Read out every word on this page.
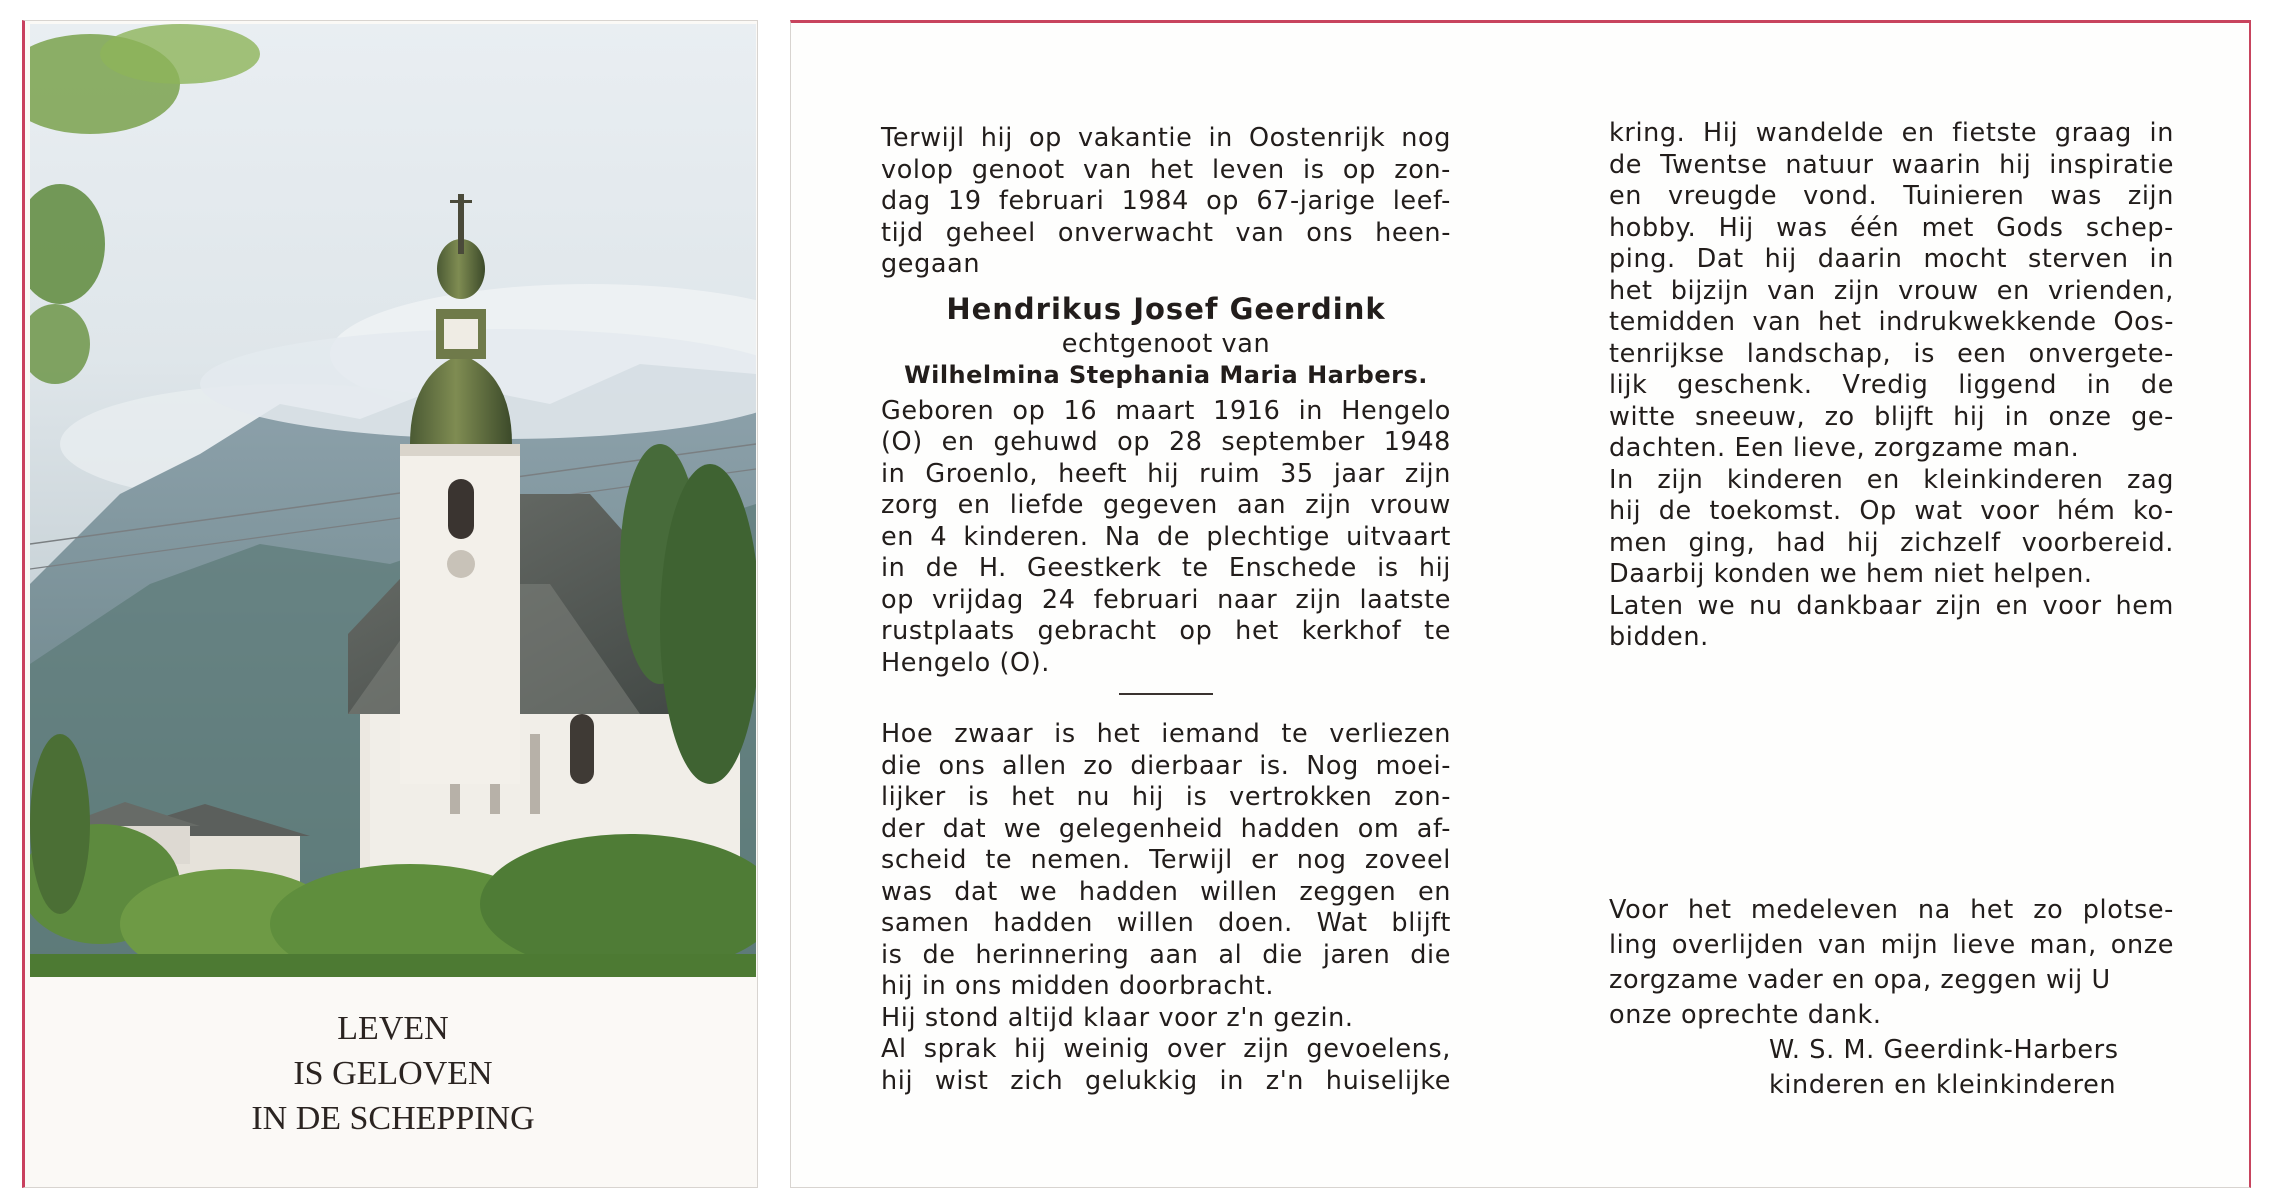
LEVEN
IS GELOVEN
IN DE SCHEPPING
Terwijl hij op vakantie in Oostenrijk nog
volop genoot van het leven is op zon-
dag 19 februari 1984 op 67-jarige leef-
tijd geheel onverwacht van ons heen-
gegaan
Hendrikus Josef Geerdink
echtgenoot van
Wilhelmina Stephania Maria Harbers.
Geboren op 16 maart 1916 in Hengelo
(O) en gehuwd op 28 september 1948
in Groenlo, heeft hij ruim 35 jaar zijn
zorg en liefde gegeven aan zijn vrouw
en 4 kinderen. Na de plechtige uitvaart
in de H. Geestkerk te Enschede is hij
op vrijdag 24 februari naar zijn laatste
rustplaats gebracht op het kerkhof te
Hengelo (O).
Hoe zwaar is het iemand te verliezen
die ons allen zo dierbaar is. Nog moei-
lijker is het nu hij is vertrokken zon-
der dat we gelegenheid hadden om af-
scheid te nemen. Terwijl er nog zoveel
was dat we hadden willen zeggen en
samen hadden willen doen. Wat blijft
is de herinnering aan al die jaren die
hij in ons midden doorbracht.
Hij stond altijd klaar voor z'n gezin.
Al sprak hij weinig over zijn gevoelens,
hij wist zich gelukkig in z'n huiselijke
kring. Hij wandelde en fietste graag in
de Twentse natuur waarin hij inspiratie
en vreugde vond. Tuinieren was zijn
hobby. Hij was één met Gods schep-
ping. Dat hij daarin mocht sterven in
het bijzijn van zijn vrouw en vrienden,
temidden van het indrukwekkende Oos-
tenrijkse landschap, is een onvergete-
lijk geschenk. Vredig liggend in de
witte sneeuw, zo blijft hij in onze ge-
dachten. Een lieve, zorgzame man.
In zijn kinderen en kleinkinderen zag
hij de toekomst. Op wat voor hém ko-
men ging, had hij zichzelf voorbereid.
Daarbij konden we hem niet helpen.
Laten we nu dankbaar zijn en voor hem
bidden.
Voor het medeleven na het zo plotse-
ling overlijden van mijn lieve man, onze
zorgzame vader en opa, zeggen wij U
onze oprechte dank.
W. S. M. Geerdink-Harbers
kinderen en kleinkinderen
